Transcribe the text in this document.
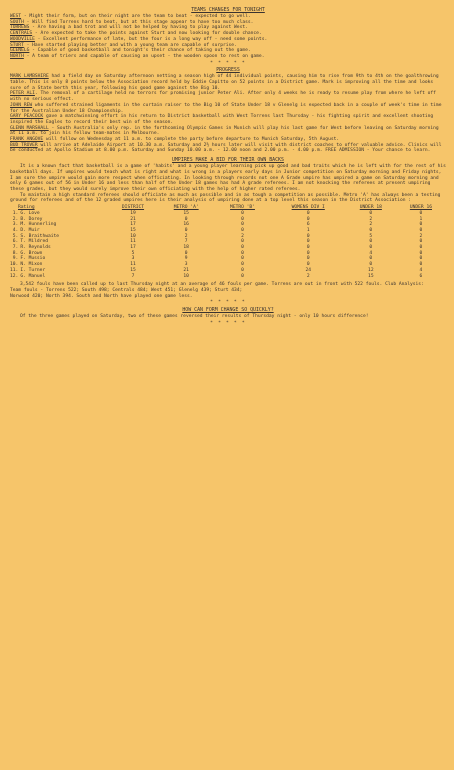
TEAMS CHANGES FOR TONIGHT
WEST - Might their form, but on their night are the team to beat - expected to go well.
SOUTH - Will find Torrens hard to beat, but at this stage appear to have too much class.
TORRENS - Are having a bad trot and will not be helped by having to play against West.
CENTRALS - Are expected to take the points against Sturt and now looking for double chance.
WOODVILLE - Excellent performance of late, but the four is a long way off - need some points.
STURT - Have started playing better and with a young team are capable of surprise.
GLENELG - Capable of good basketball and tonight's their chance of taking out the game.
NORTH - A team of triers and capable of causing an upset - the wooden spoon to rest on game.
* * * * *
PROGRESS

MARK LAMBSHIRE had a field day on Saturday afternoon netting a season high of 44 individual points, causing him to rise from 9th to 4th on the goalthrowing table. This is only 8 points below the Association record held by Eddie Capitto on 52 points in a District game. Mark is improving all the time and looks sure of a State berth this year, following his good game against the Big 10.

PETER ALI. The removal of a cartilage held no terrors for promising junior Peter Ali. After only 4 weeks he is ready to resume play from where he left off with no serious effect.

JOHN REW who suffered strained ligaments in the curtain raiser to the Big 10 of State Under 18 v Glenelg is expected back in a couple of week's time in time for the Australian Under 18 Championship.

GARY PEACOCK gave a matchwinning effort in his return to District basketball with West Torrens last Thursday - his fighting spirit and excellent shooting inspired the Eagles to record their best win of the season.

GLENN MARSHALL - South Australia's only rep. in the forthcoming Olympic Games in Munich will play his last game for West before leaving on Saturday morning at 11 a.m. to join his fellow team-mates in Melbourne.

FRANK ANGOVE will follow on Wednesday at 11 a.m. to complete the party before departure to Munich Saturday, 5th August.

BUD TROVER will arrive at Adelaide Airport at 10.30 a.m. Saturday and 2½ hours later will visit with district coaches to offer valuable advice. Clinics will be conducted at Apollo Stadium at 8.00 p.m. Saturday and Sunday 10.00 a.m. - 12.00 noon and 2.00 p.m. - 4.00 p.m. FREE ADMISSION - Your chance to learn.

UMPIRES MAKE A BID FOR THEIR OWN BACKS

It is a known fact that basketball is a game of 'habits' and a young player learning pick up good and bad traits which he is left with for the rest of his basketball days. If umpires would teach what is right and what is wrong in a players early days in Junior competition on Saturday morning and Friday nights, I am sure the umpire would gain more respect when officiating. In looking through records not one A Grade umpire has umpired a game on Saturday morning and only 6 games out of 56 in Under 16 and less than half of the Under 18 games has had A grade referees. I am not knocking the referees at present umpiring these grades, but they would surely improve their own officiating with the help of higher rated referees.

To maintain a high standard referees should officiate as much as possible and in as tough a competition as possible. Metro 'A' has always been a testing ground for referees and of the 12 graded umpires here is their analysis of umpiring done at a top level this season in the District Association :

Rating		DISTRICT	METRO 'A'	METRO 'B'	WOMENS DIV I	UNDER 18	UNDER 16
1.	G. Love	19	15	0	0	0	0
2.	B. Dorey	21	0	0	0	2	1
3.	M. Hunnerling	17	16	0	6	2	0
4.	D. Muir	15	0	0	1	0	0
5.	S. Braithwaite	10	2	2	0	5	2
6.	T. Mildred	11	7	0	0	0	0
7.	R. Reynolds	17	18	0	0	0	0
8.	G. Brown	5	0	0	0	4	0
9.	F. Mussio	3	9	0	0	0	0
10.	N. Mixon	11	3	0	0	0	0
11.	I. Turner	15	21	0	24	12	4
12.	G. Manuel	7	10	0	2	15	6

3,542 fouls have been called up to last Thursday night at an average of 46 fouls per game. Torrens are out in front with 522 fouls. Club Analysis:

Team fouls - Torrens 522; South 498; Centrals 484; West 451; Glenelg 439; Sturt 434;

Norwood 420; North 394. South and North have played one game less.

* * * * *
HOW CAN FORM CHANGE SO QUICKLY?

Of the three games played on Saturday, two of these games reversed their results of Thursday night - only 10 hours difference!

* * * * *
